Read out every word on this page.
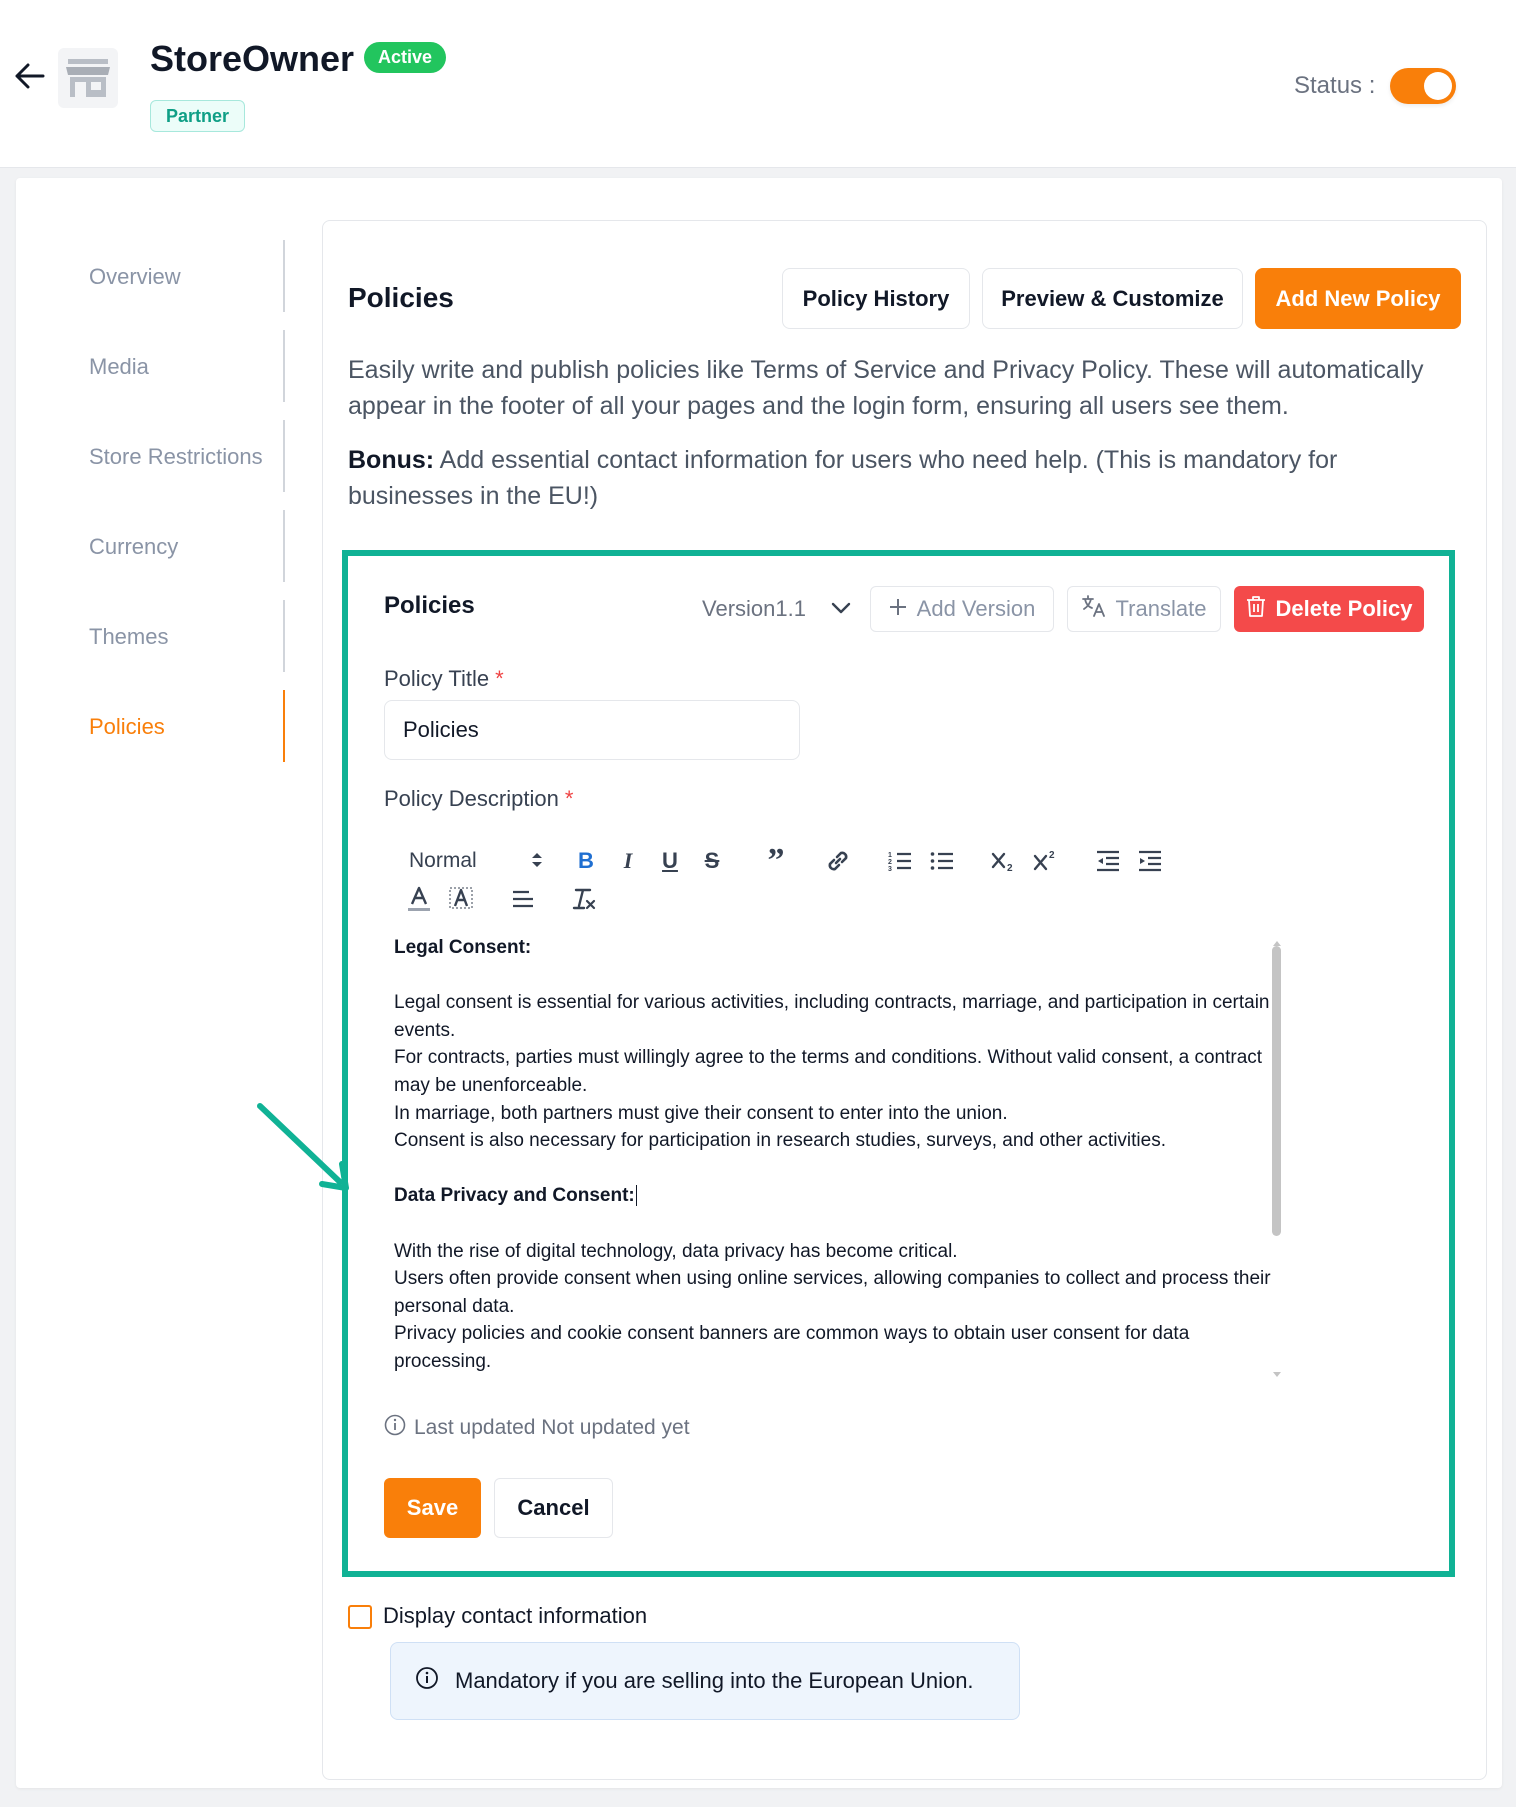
StoreOwner	Active
Partner
Status :
Overview
Media
Store Restrictions
Currency
Themes
Policies
Policies	Policy History	Preview & Customize	Add New Policy
Easily write and publish policies like Terms of Service and Privacy Policy. These will automatically appear in the footer of all your pages and the login form, ensuring all users see them.
Bonus: Add essential contact information for users who need help. (This is mandatory for businesses in the EU!)
Policies	Version1.1	Add Version	Translate	Delete Policy
Policy Title *
Policies
Policy Description *
Normal	B	I	U	S ”	1
2
3	2
2

Legal Consent:

Legal consent is essential for various activities, including contracts, marriage, and participation in certain events.

For contracts, parties must willingly agree to the terms and conditions. Without valid consent, a contract may be unenforceable.

In marriage, both partners must give their consent to enter into the union.

Consent is also necessary for participation in research studies, surveys, and other activities.

Data Privacy and Consent:

With the rise of digital technology, data privacy has become critical.

Users often provide consent when using online services, allowing companies to collect and process their personal data.

Privacy policies and cookie consent banners are common ways to obtain user consent for data processing.

Last updated Not updated yet
Save	Cancel
Display contact information
Mandatory if you are selling into the European Union.
